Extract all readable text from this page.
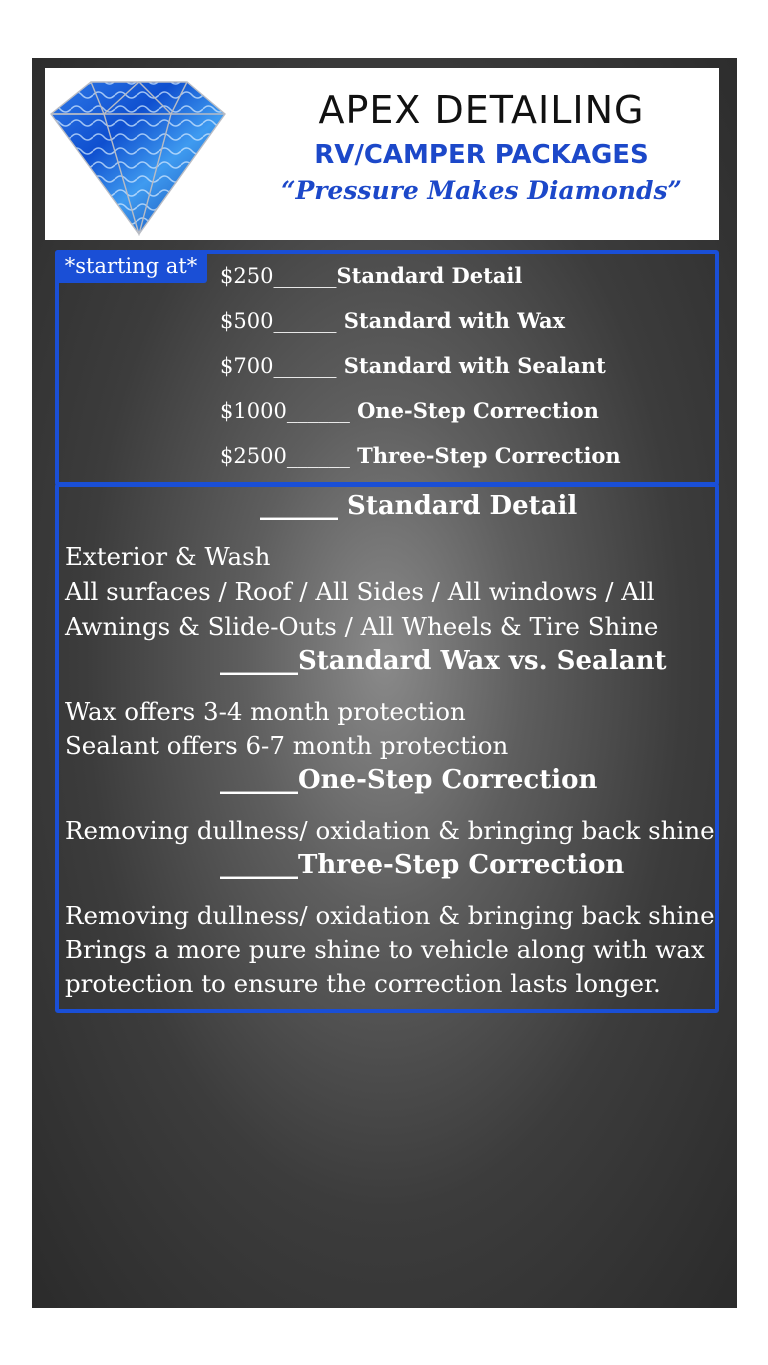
APEX DETAILING
RV/CAMPER PACKAGES
“Pressure Makes Diamonds”
*starting at*	$250______Standard Detail
$500______ Standard with Wax
$700______ Standard with Sealant
$1000______ One-Step Correction
$2500______ Three-Step Correction
______ Standard Detail
Exterior & Wash
All surfaces / Roof / All Sides / All windows / All
Awnings & Slide-Outs / All Wheels & Tire Shine
______Standard Wax vs. Sealant
Wax offers 3-4 month protection
Sealant offers 6-7 month protection
______One-Step Correction
Removing dullness/ oxidation & bringing back shine
______Three-Step Correction
Removing dullness/ oxidation & bringing back shine
Brings a more pure shine to vehicle along with wax
protection to ensure the correction lasts longer.
